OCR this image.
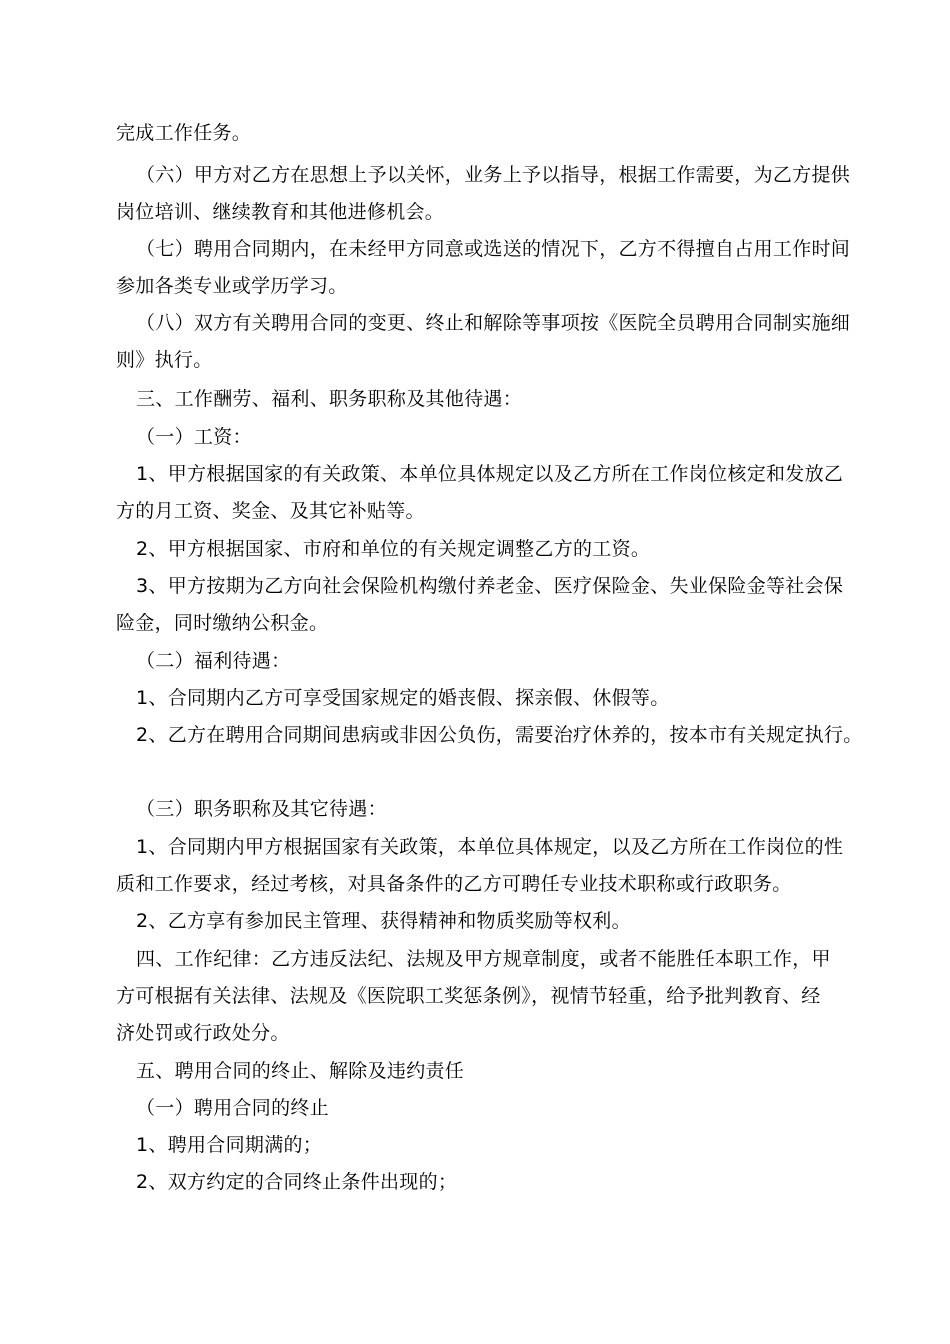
完成工作任务。
（六）甲方对乙方在思想上予以关怀，业务上予以指导，根据工作需要，为乙方提供
岗位培训、继续教育和其他进修机会。
（七）聘用合同期内，在未经甲方同意或选送的情况下，乙方不得擅自占用工作时间
参加各类专业或学历学习。
（八）双方有关聘用合同的变更、终止和解除等事项按《医院全员聘用合同制实施细
则》执行。
三、工作酬劳、福利、职务职称及其他待遇：
（一）工资：
1、甲方根据国家的有关政策、本单位具体规定以及乙方所在工作岗位核定和发放乙
方的月工资、奖金、及其它补贴等。
2、甲方根据国家、市府和单位的有关规定调整乙方的工资。
3、甲方按期为乙方向社会保险机构缴付养老金、医疗保险金、失业保险金等社会保
险金，同时缴纳公积金。
（二）福利待遇：
1、合同期内乙方可享受国家规定的婚丧假、探亲假、休假等。
2、乙方在聘用合同期间患病或非因公负伤，需要治疗休养的，按本市有关规定执行。
（三）职务职称及其它待遇：
1、合同期内甲方根据国家有关政策，本单位具体规定，以及乙方所在工作岗位的性
质和工作要求，经过考核，对具备条件的乙方可聘任专业技术职称或行政职务。
2、乙方享有参加民主管理、获得精神和物质奖励等权利。
四、工作纪律：乙方违反法纪、法规及甲方规章制度，或者不能胜任本职工作，甲
方可根据有关法律、法规及《医院职工奖惩条例》，视情节轻重，给予批判教育、经
济处罚或行政处分。
五、聘用合同的终止、解除及违约责任
（一）聘用合同的终止
1、聘用合同期满的；
2、双方约定的合同终止条件出现的；
